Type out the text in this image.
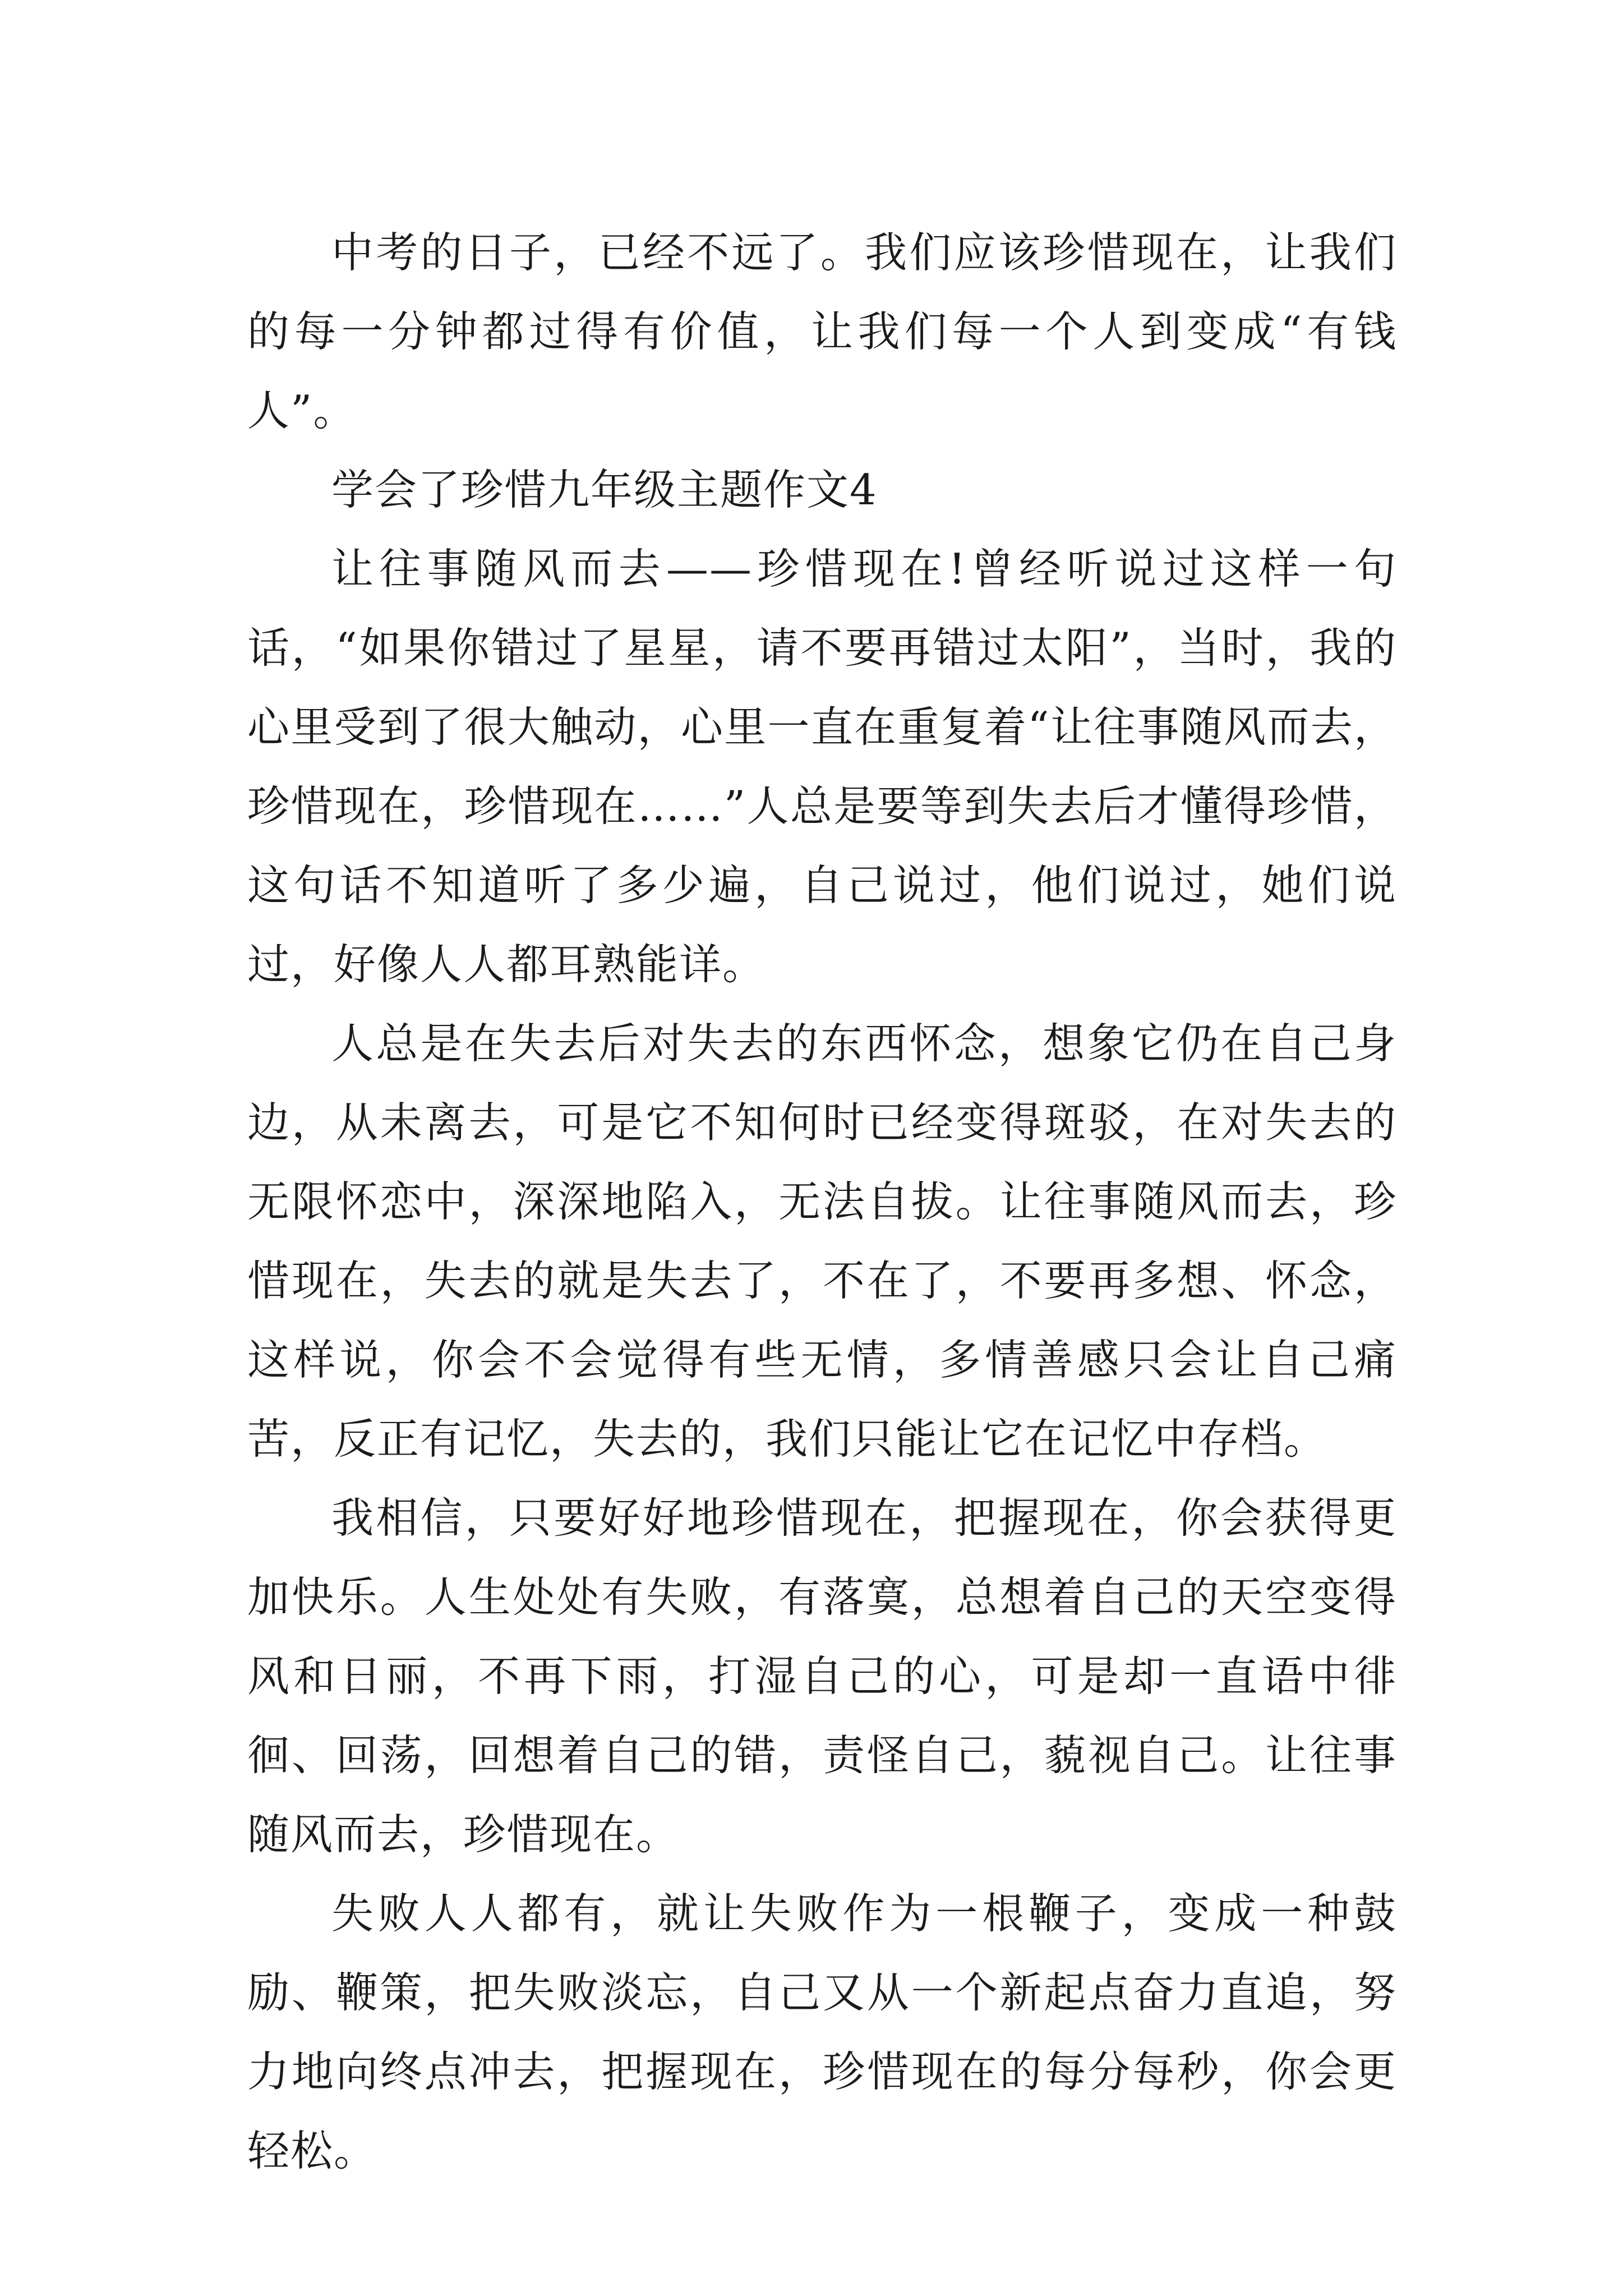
中考的日子，已经不远了。我们应该珍惜现在，让我们的每一分钟都过得有价值，让我们每一个人到变成“有钱人”。

学会了珍惜九年级主题作文4

让往事随风而去——珍惜现在!曾经听说过这样一句话，“如果你错过了星星，请不要再错过太阳”，当时，我的心里受到了很大触动，心里一直在重复着“让往事随风而去，珍惜现在，珍惜现在……”人总是要等到失去后才懂得珍惜，这句话不知道听了多少遍，自己说过，他们说过，她们说过，好像人人都耳熟能详。

人总是在失去后对失去的东西怀念，想象它仍在自己身边，从未离去，可是它不知何时已经变得斑驳，在对失去的无限怀恋中，深深地陷入，无法自拔。让往事随风而去，珍惜现在，失去的就是失去了，不在了，不要再多想、怀念，这样说，你会不会觉得有些无情，多情善感只会让自己痛苦，反正有记忆，失去的，我们只能让它在记忆中存档。

我相信，只要好好地珍惜现在，把握现在，你会获得更加快乐。人生处处有失败，有落寞，总想着自己的天空变得风和日丽，不再下雨，打湿自己的心，可是却一直语中徘徊、回荡，回想着自己的错，责怪自己，藐视自己。让往事随风而去，珍惜现在。

失败人人都有，就让失败作为一根鞭子，变成一种鼓励、鞭策，把失败淡忘，自己又从一个新起点奋力直追，努力地向终点冲去，把握现在，珍惜现在的每分每秒，你会更轻松。
